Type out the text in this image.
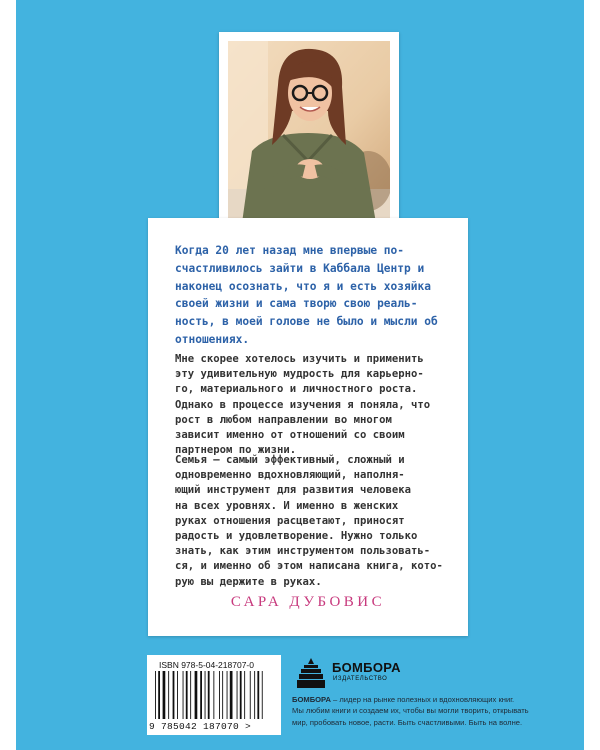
Когда 20 лет назад мне впервые по-
счастливилось зайти в Каббала Центр и
наконец осознать, что я и есть хозяйка
своей жизни и сама творю свою реаль-
ность, в моей голове не было и мысли об
отношениях.
Мне скорее хотелось изучить и применить
эту удивительную мудрость для карьерно-
го, материального и личностного роста.
Однако в процессе изучения я поняла, что
рост в любом направлении во многом
зависит именно от отношений со своим
партнером по жизни.
Семья – самый эффективный, сложный и
одновременно вдохновляющий, наполня-
ющий инструмент для развития человека
на всех уровнях. И именно в женских
руках отношения расцветают, приносят
радость и удовлетворение. Нужно только
знать, как этим инструментом пользовать-
ся, и именно об этом написана книга, кото-
рую вы держите в руках.
САРА ДУБОВИС
ISBN 978-5-04-218707-0
9 785042 187070 >
БОМБОРА
ИЗДАТЕЛЬСТВО
БОМБОРА – лидер на рынке полезных и вдохновляющих книг.
Мы любим книги и создаем их, чтобы вы могли творить, открывать
мир, пробовать новое, расти. Быть счастливыми. Быть на волне.
